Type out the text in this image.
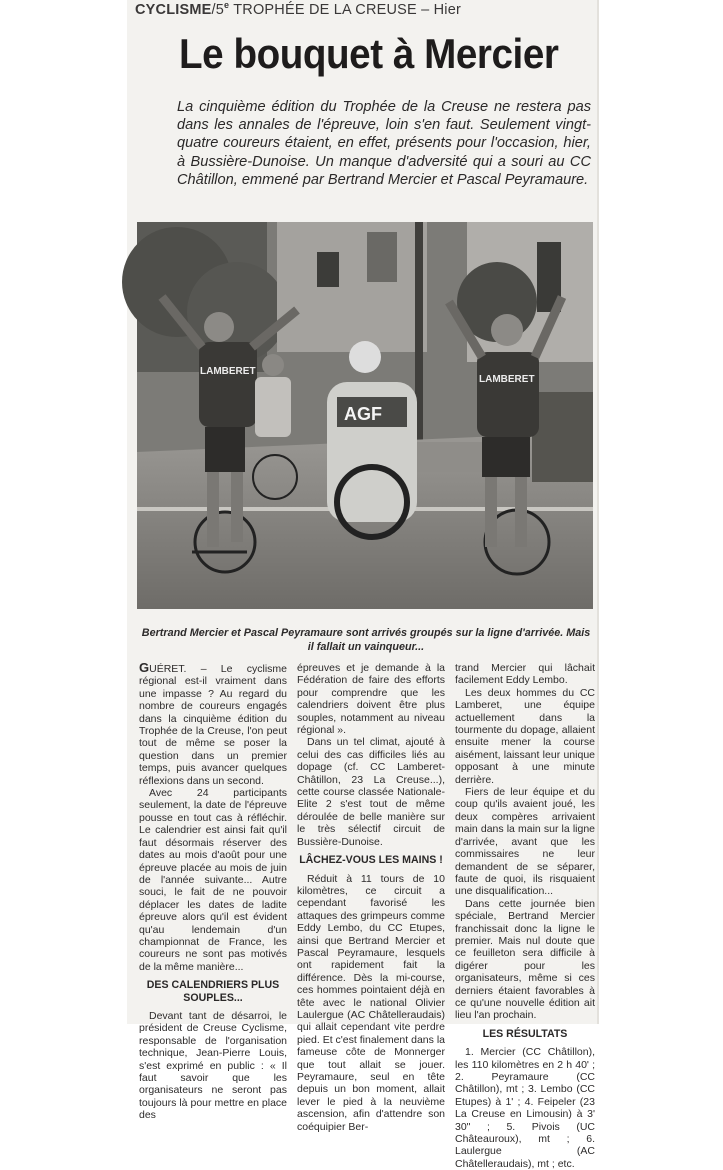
CYCLISME/5e TROPHÉE DE LA CREUSE – Hier
Le bouquet à Mercier
La cinquième édition du Trophée de la Creuse ne restera pas dans les annales de l'épreuve, loin s'en faut. Seulement vingt-quatre coureurs étaient, en effet, présents pour l'occasion, hier, à Bussière-Dunoise. Un manque d'adversité qui a souri au CC Châtillon, emmené par Bertrand Mercier et Pascal Peyramaure.
LAMBERET
AGF
LAMBERET
Bertrand Mercier et Pascal Peyramaure sont arrivés groupés sur la ligne d'arrivée. Mais il fallait un vainqueur...

GUÉRET. – Le cyclisme régional est-il vraiment dans une impasse ? Au regard du nombre de coureurs engagés dans la cinquième édition du Trophée de la Creuse, l'on peut tout de même se poser la question dans un premier temps, puis avancer quelques réflexions dans un second.

Avec 24 participants seulement, la date de l'épreuve pousse en tout cas à réfléchir. Le calendrier est ainsi fait qu'il faut désormais réserver des dates au mois d'août pour une épreuve placée au mois de juin de l'année suivante... Autre souci, le fait de ne pouvoir déplacer les dates de ladite épreuve alors qu'il est évident qu'au lendemain d'un championnat de France, les coureurs ne sont pas motivés de la même manière...

DES CALENDRIERS PLUS SOUPLES...

Devant tant de désarroi, le président de Creuse Cyclisme, responsable de l'organisation technique, Jean-Pierre Louis, s'est exprimé en public : « Il faut savoir que les organisateurs ne seront pas toujours là pour mettre en place des

épreuves et je demande à la Fédération de faire des efforts pour comprendre que les calendriers doivent être plus souples, notamment au niveau régional ».

Dans un tel climat, ajouté à celui des cas difficiles liés au dopage (cf. CC Lamberet-Châtillon, 23 La Creuse...), cette course classée Nationale-Elite 2 s'est tout de même déroulée de belle manière sur le très sélectif circuit de Bussière-Dunoise.

LÂCHEZ-VOUS LES MAINS !

Réduit à 11 tours de 10 kilomètres, ce circuit a cependant favorisé les attaques des grimpeurs comme Eddy Lembo, du CC Etupes, ainsi que Bertrand Mercier et Pascal Peyramaure, lesquels ont rapidement fait la différence. Dès la mi-course, ces hommes pointaient déjà en tête avec le national Olivier Laulergue (AC Châtelleraudais) qui allait cependant vite perdre pied. Et c'est finalement dans la fameuse côte de Monnerger que tout allait se jouer. Peyramaure, seul en tête depuis un bon moment, allait lever le pied à la neuvième ascension, afin d'attendre son coéquipier Ber-

trand Mercier qui lâchait facilement Eddy Lembo.

Les deux hommes du CC Lamberet, une équipe actuellement dans la tourmente du dopage, allaient ensuite mener la course aisément, laissant leur unique opposant à une minute derrière.

Fiers de leur équipe et du coup qu'ils avaient joué, les deux compères arrivaient main dans la main sur la ligne d'arrivée, avant que les commissaires ne leur demandent de se séparer, faute de quoi, ils risquaient une disqualification...

Dans cette journée bien spéciale, Bertrand Mercier franchissait donc la ligne le premier. Mais nul doute que ce feuilleton sera difficile à digérer pour les organisateurs, même si ces derniers étaient favorables à ce qu'une nouvelle édition ait lieu l'an prochain.

LES RÉSULTATS

1. Mercier (CC Châtillon), les 110 kilomètres en 2 h 40' ; 2. Peyramaure (CC Châtillon), mt ; 3. Lembo (CC Etupes) à 1' ; 4. Feipeler (23 La Creuse en Limousin) à 3' 30" ; 5. Pivois (UC Châteauroux), mt ; 6. Laulergue (AC Châtelleraudais), mt ; etc.
